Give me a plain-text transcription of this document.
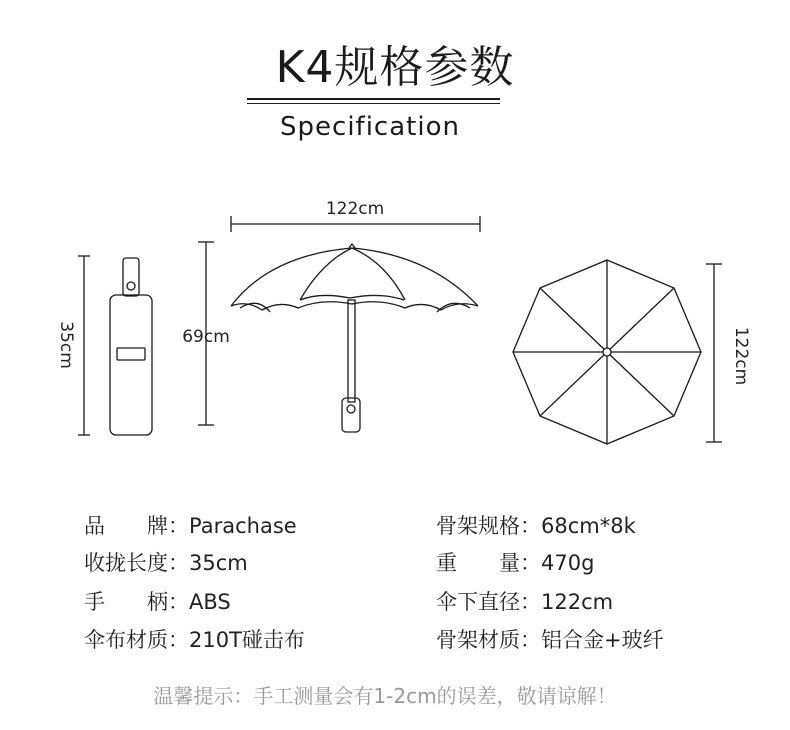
K4规格参数
Specification
35cm
122cm
69cm	122cm
品 牌：Parachase
收拢长度：35cm
手 柄：ABS
伞布材质：210T碰击布
骨架规格：68cm*8k
重 量：470g
伞下直径：122cm
骨架材质：铝合金+玻纤
温馨提示：手工测量会有1-2cm的误差，敬请谅解！
